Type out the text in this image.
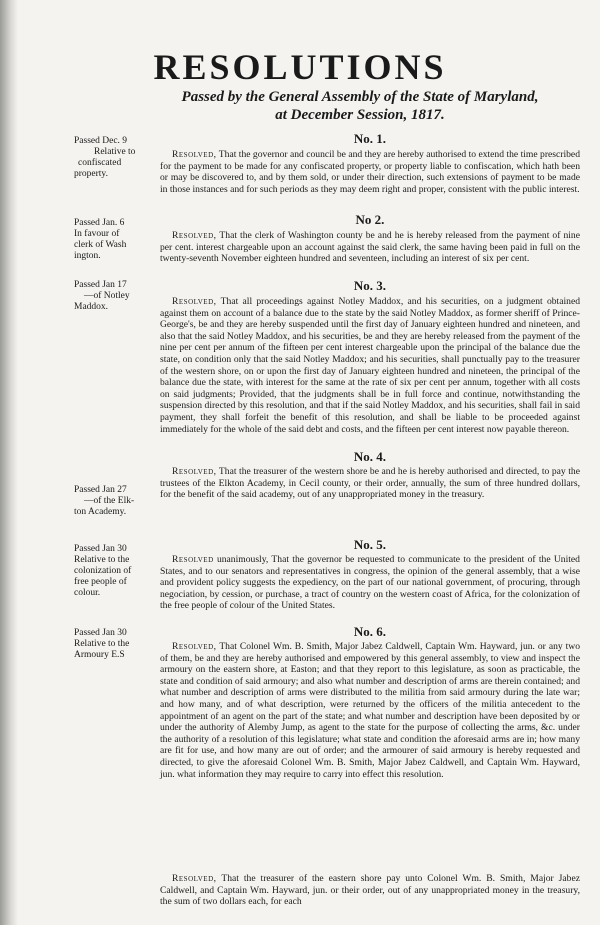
RESOLUTIONS
Passed by the General Assembly of the State of Maryland,
at December Session, 1817.
Passed Dec. 9
Relative to
confiscated
property.
No. 1.
Resolved, That the governor and council be and they are hereby authorised to extend the time prescribed for the payment to be made for any confiscated property, or property liable to confiscation, which hath been or may be discovered to, and by them sold, or under their direction, such extensions of payment to be made in those instances and for such periods as they may deem right and proper, consistent with the public interest.
Passed Jan. 6
In favour of
clerk of Wash
ington.
No 2.
Resolved, That the clerk of Washington county be and he is hereby released from the payment of nine per cent. interest chargeable upon an account against the said clerk, the same having been paid in full on the twenty-seventh November eighteen hundred and seventeen, including an interest of six per cent.
Passed Jan 17
—of Notley
Maddox.
No. 3.
Resolved, That all proceedings against Notley Maddox, and his securities, on a judgment obtained against them on account of a balance due to the state by the said Notley Maddox, as former sheriff of Prince-George's, be and they are hereby suspended until the first day of January eighteen hundred and nineteen, and also that the said Notley Maddox, and his securities, be and they are hereby released from the payment of the nine per cent per annum of the fifteen per cent interest chargeable upon the principal of the balance due the state, on condition only that the said Notley Maddox; and his securities, shall punctually pay to the treasurer of the western shore, on or upon the first day of January eighteen hundred and nineteen, the principal of the balance due the state, with interest for the same at the rate of six per cent per annum, together with all costs on said judgments; Provided, that the judgments shall be in full force and continue, notwithstanding the suspension directed by this resolution, and that if the said Notley Maddox, and his securities, shall fail in said payment, they shall forfeit the benefit of this resolution, and shall be liable to be proceeded against immediately for the whole of the said debt and costs, and the fifteen per cent interest now payable thereon.
Passed Jan 27
—of the Elk-
ton Academy.
No. 4.
Resolved, That the treasurer of the western shore be and he is hereby authorised and directed, to pay the trustees of the Elkton Academy, in Cecil county, or their order, annually, the sum of three hundred dollars, for the benefit of the said academy, out of any unappropriated money in the treasury.
Passed Jan 30
Relative to the
colonization of
free people of
colour.
No. 5.
Resolved unanimously, That the governor be requested to communicate to the president of the United States, and to our senators and representatives in congress, the opinion of the general assembly, that a wise and provident policy suggests the expediency, on the part of our national government, of procuring, through negociation, by cession, or purchase, a tract of country on the western coast of Africa, for the colonization of the free people of colour of the United States.
Passed Jan 30
Relative to the
Armoury E.S
No. 6.
Resolved, That Colonel Wm. B. Smith, Major Jabez Caldwell, Captain Wm. Hayward, jun. or any two of them, be and they are hereby authorised and empowered by this general assembly, to view and inspect the armoury on the eastern shore, at Easton; and that they report to this legislature, as soon as practicable, the state and condition of said armoury; and also what number and description of arms are therein contained; and what number and description of arms were distributed to the militia from said armoury during the late war; and how many, and of what description, were returned by the officers of the militia antecedent to the appointment of an agent on the part of the state; and what number and description have been deposited by or under the authority of Alemby Jump, as agent to the state for the purpose of collecting the arms, &c. under the authority of a resolution of this legislature; what state and condition the aforesaid arms are in; how many are fit for use, and how many are out of order; and the armourer of said armoury is hereby requested and directed, to give the aforesaid Colonel Wm. B. Smith, Major Jabez Caldwell, and Captain Wm. Hayward, jun. what information they may require to carry into effect this resolution.
Resolved, That the treasurer of the eastern shore pay unto Colonel Wm. B. Smith, Major Jabez Caldwell, and Captain Wm. Hayward, jun. or their order, out of any unappropriated money in the treasury, the sum of two dollars each, for each
